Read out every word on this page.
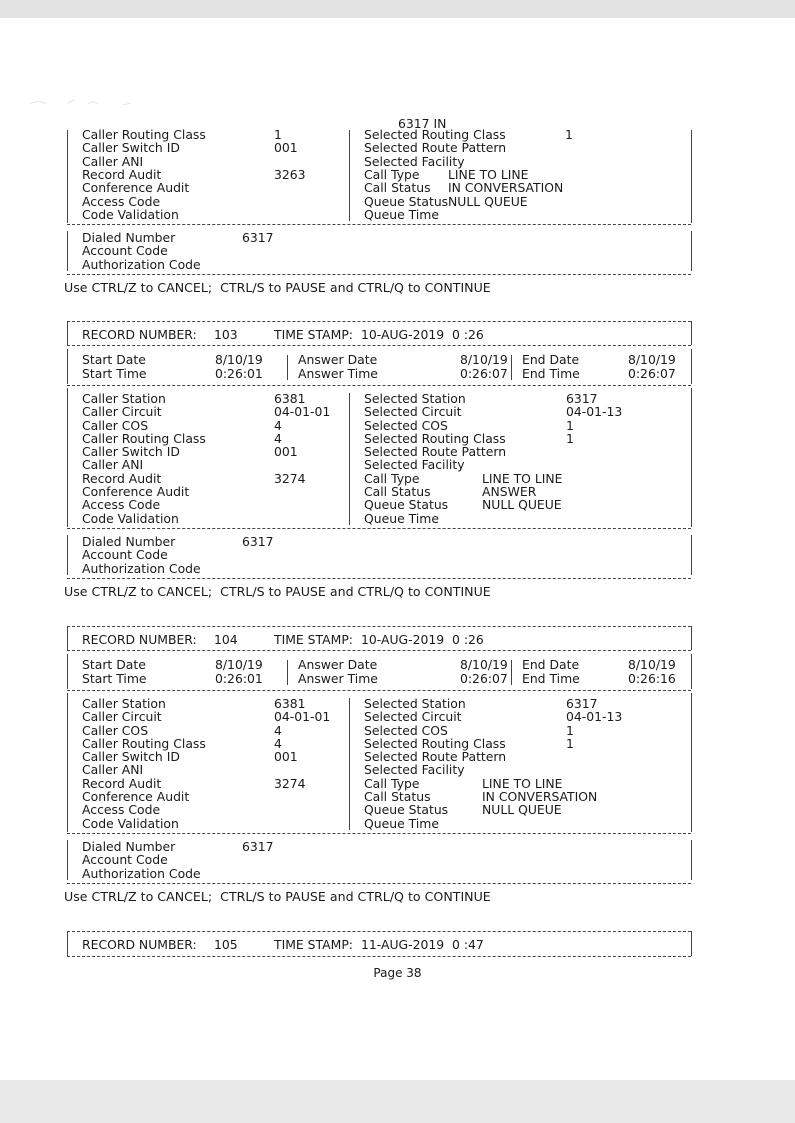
6317 IN
Page 38
Caller Routing Class	1
Caller Switch ID	001
Caller ANI
Record Audit	3263
Conference Audit
Access Code
Code Validation
Selected Routing Class	1
Selected Route Pattern
Selected Facility
Call Type LINE TO LINE
Call Status IN CONVERSATION
Queue Status NULL QUEUE
Queue Time
Dialed Number	6317
Account Code
Authorization Code
Use CTRL/Z to CANCEL;  CTRL/S to PAUSE and CTRL/Q to CONTINUE
RECORD NUMBER: 103	TIME STAMP: 10-AUG-2019  0 :26
Start Date	8/10/19	Answer Date	8/10/19 End Date	8/10/19
Start Time	0:26:01	Answer Time	0:26:07 End Time	0:26:07
Caller Station	6381
Caller Circuit	04-01-01
Caller COS	4
Caller Routing Class	4
Caller Switch ID	001
Caller ANI
Record Audit	3274
Conference Audit
Access Code
Code Validation
Selected Station	6317
Selected Circuit	04-01-13
Selected COS	1
Selected Routing Class	1
Selected Route Pattern
Selected Facility
Call Type	LINE TO LINE
Call Status	ANSWER
Queue Status	NULL QUEUE
Queue Time
Dialed Number	6317
Account Code
Authorization Code
Use CTRL/Z to CANCEL;  CTRL/S to PAUSE and CTRL/Q to CONTINUE
RECORD NUMBER: 104	TIME STAMP: 10-AUG-2019  0 :26
Start Date	8/10/19	Answer Date	8/10/19 End Date	8/10/19
Start Time	0:26:01	Answer Time	0:26:07 End Time	0:26:16
Caller Station	6381
Caller Circuit	04-01-01
Caller COS	4
Caller Routing Class	4
Caller Switch ID	001
Caller ANI
Record Audit	3274
Conference Audit
Access Code
Code Validation
Selected Station	6317
Selected Circuit	04-01-13
Selected COS	1
Selected Routing Class	1
Selected Route Pattern
Selected Facility
Call Type	LINE TO LINE
Call Status	IN CONVERSATION
Queue Status	NULL QUEUE
Queue Time
Dialed Number	6317
Account Code
Authorization Code
Use CTRL/Z to CANCEL;  CTRL/S to PAUSE and CTRL/Q to CONTINUE
RECORD NUMBER: 105	TIME STAMP: 11-AUG-2019  0 :47
